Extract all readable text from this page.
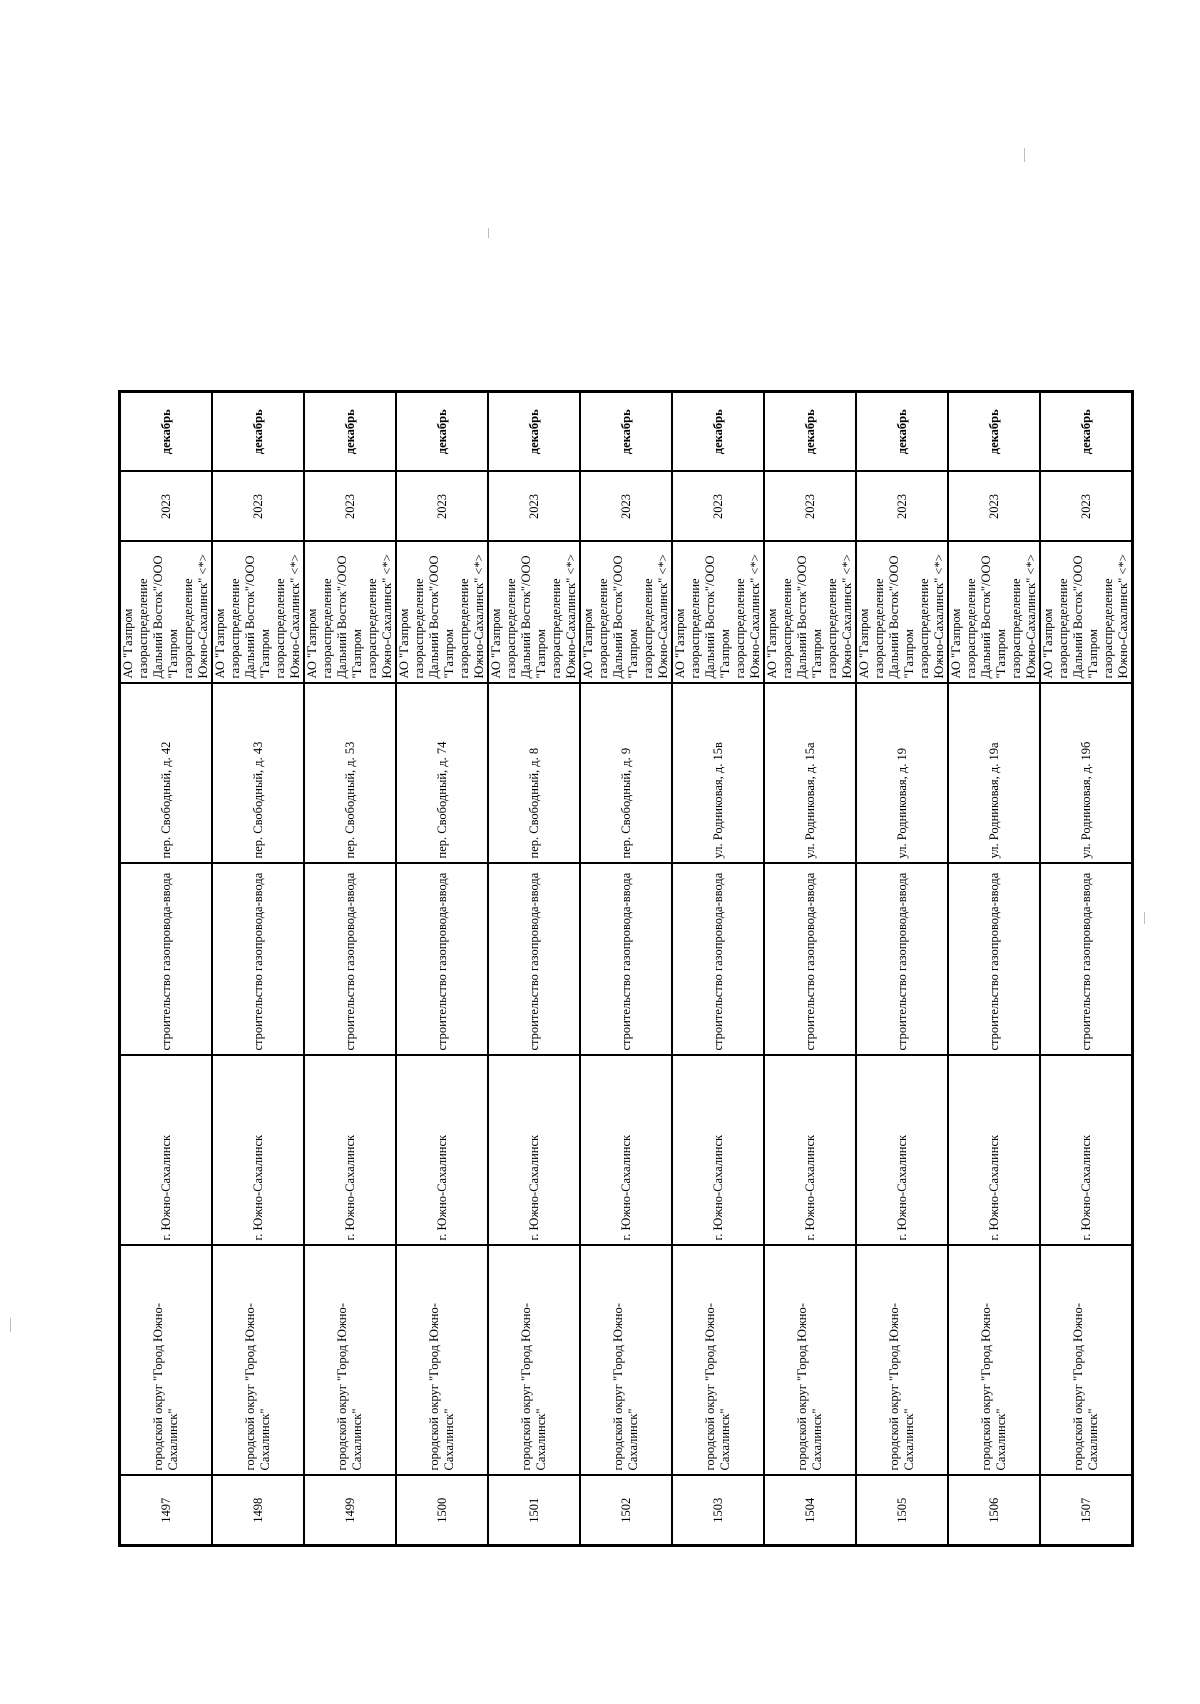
1497	городской округ "Город Южно-Сахалинск"	г. Южно-Сахалинск	строительство газопровода-ввода	пер. Свободный, д. 42	АО "Газпром газораспределение Дальний Восток"/ООО "Газпром газораспределение Южно-Сахалинск" <*>	2023	декабрь
1498	городской округ "Город Южно-Сахалинск"	г. Южно-Сахалинск	строительство газопровода-ввода	пер. Свободный, д. 43	АО "Газпром газораспределение Дальний Восток"/ООО "Газпром газораспределение Южно-Сахалинск" <*>	2023	декабрь
1499	городской округ "Город Южно-Сахалинск"	г. Южно-Сахалинск	строительство газопровода-ввода	пер. Свободный, д. 53	АО "Газпром газораспределение Дальний Восток"/ООО "Газпром газораспределение Южно-Сахалинск" <*>	2023	декабрь
1500	городской округ "Город Южно-Сахалинск"	г. Южно-Сахалинск	строительство газопровода-ввода	пер. Свободный, д. 74	АО "Газпром газораспределение Дальний Восток"/ООО "Газпром газораспределение Южно-Сахалинск" <*>	2023	декабрь
1501	городской округ "Город Южно-Сахалинск"	г. Южно-Сахалинск	строительство газопровода-ввода	пер. Свободный, д. 8	АО "Газпром газораспределение Дальний Восток"/ООО "Газпром газораспределение Южно-Сахалинск" <*>	2023	декабрь
1502	городской округ "Город Южно-Сахалинск"	г. Южно-Сахалинск	строительство газопровода-ввода	пер. Свободный, д. 9	АО "Газпром газораспределение Дальний Восток"/ООО "Газпром газораспределение Южно-Сахалинск" <*>	2023	декабрь
1503	городской округ "Город Южно-Сахалинск"	г. Южно-Сахалинск	строительство газопровода-ввода	ул. Родниковая, д. 15в	АО "Газпром газораспределение Дальний Восток"/ООО "Газпром газораспределение Южно-Сахалинск" <*>	2023	декабрь
1504	городской округ "Город Южно-Сахалинск"	г. Южно-Сахалинск	строительство газопровода-ввода	ул. Родниковая, д. 15а	АО "Газпром газораспределение Дальний Восток"/ООО "Газпром газораспределение Южно-Сахалинск" <*>	2023	декабрь
1505	городской округ "Город Южно-Сахалинск"	г. Южно-Сахалинск	строительство газопровода-ввода	ул. Родниковая, д. 19	АО "Газпром газораспределение Дальний Восток"/ООО "Газпром газораспределение Южно-Сахалинск" <*>	2023	декабрь
1506	городской округ "Город Южно-Сахалинск"	г. Южно-Сахалинск	строительство газопровода-ввода	ул. Родниковая, д. 19а	АО "Газпром газораспределение Дальний Восток"/ООО "Газпром газораспределение Южно-Сахалинск" <*>	2023	декабрь
1507	городской округ "Город Южно-Сахалинск"	г. Южно-Сахалинск	строительство газопровода-ввода	ул. Родниковая, д. 19б	АО "Газпром газораспределение Дальний Восток"/ООО "Газпром газораспределение Южно-Сахалинск" <*>	2023	декабрь
